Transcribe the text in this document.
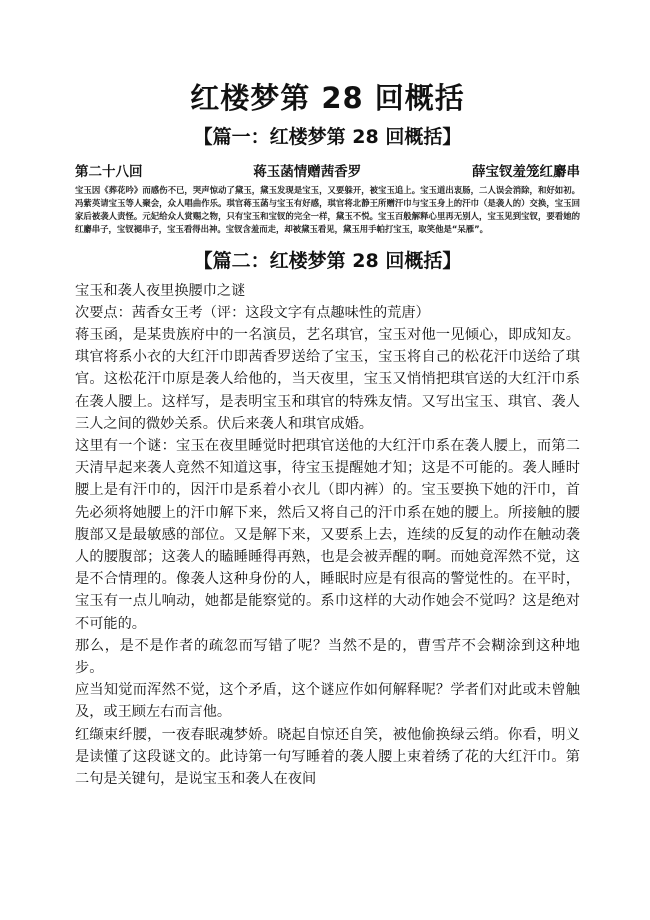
红楼梦第 28 回概括
【篇一：红楼梦第 28 回概括】
第二十八回	蒋玉菡情赠茜香罗	薛宝钗羞笼红麝串

宝玉因《葬花吟》而感伤不已，哭声惊动了黛玉，黛玉发现是宝玉，又要躲开，被宝玉追上。宝玉道出衷肠，二人误会消除，和好如初。冯紫英请宝玉等人聚会，众人唱曲作乐。琪官蒋玉菡与宝玉有好感，琪官将北静王所赠汗巾与宝玉身上的汗巾（是袭人的）交换，宝玉回家后被袭人责怪。元妃给众人赏赐之物，只有宝玉和宝钗的完全一样，黛玉不悦。宝玉百般解释心里再无别人，宝玉见到宝钗，要看她的红麝串子，宝钗褪串子，宝玉看得出神。宝钗含羞而走，却被黛玉看见，黛玉用手帕打宝玉，取笑他是“呆雁”。

【篇二：红楼梦第 28 回概括】

宝玉和袭人夜里换腰巾之谜

次要点：茜香女王考（评：这段文字有点趣味性的荒唐）

蒋玉函，是某贵族府中的一名演员，艺名琪官，宝玉对他一见倾心，即成知友。琪官将系小衣的大红汗巾即茜香罗送给了宝玉，宝玉将自己的松花汗巾送给了琪官。这松花汗巾原是袭人给他的，当天夜里，宝玉又悄悄把琪官送的大红汗巾系在袭人腰上。这样写，是表明宝玉和琪官的特殊友情。又写出宝玉、琪官、袭人三人之间的微妙关系。伏后来袭人和琪官成婚。

这里有一个谜：宝玉在夜里睡觉时把琪官送他的大红汗巾系在袭人腰上，而第二天清早起来袭人竟然不知道这事，待宝玉提醒她才知；这是不可能的。袭人睡时腰上是有汗巾的，因汗巾是系着小衣儿（即内裤）的。宝玉要换下她的汗巾，首先必须将她腰上的汗巾解下来，然后又将自己的汗巾系在她的腰上。所接触的腰腹部又是最敏感的部位。又是解下来，又要系上去，连续的反复的动作在触动袭人的腰腹部；这袭人的瞌睡睡得再熟，也是会被弄醒的啊。而她竟浑然不觉，这是不合情理的。像袭人这种身份的人，睡眠时应是有很高的警觉性的。在平时，宝玉有一点儿响动，她都是能察觉的。系巾这样的大动作她会不觉吗？这是绝对不可能的。

那么，是不是作者的疏忽而写错了呢？当然不是的，曹雪芹不会糊涂到这种地步。

应当知觉而浑然不觉，这个矛盾，这个谜应作如何解释呢？学者们对此或未曾触及，或王顾左右而言他。

红缬束纤腰，一夜春眠魂梦娇。晓起自惊还自笑，被他偷换绿云绡。你看，明义是读懂了这段谜文的。此诗第一句写睡着的袭人腰上束着绣了花的大红汗巾。第二句是关键句，是说宝玉和袭人在夜间
